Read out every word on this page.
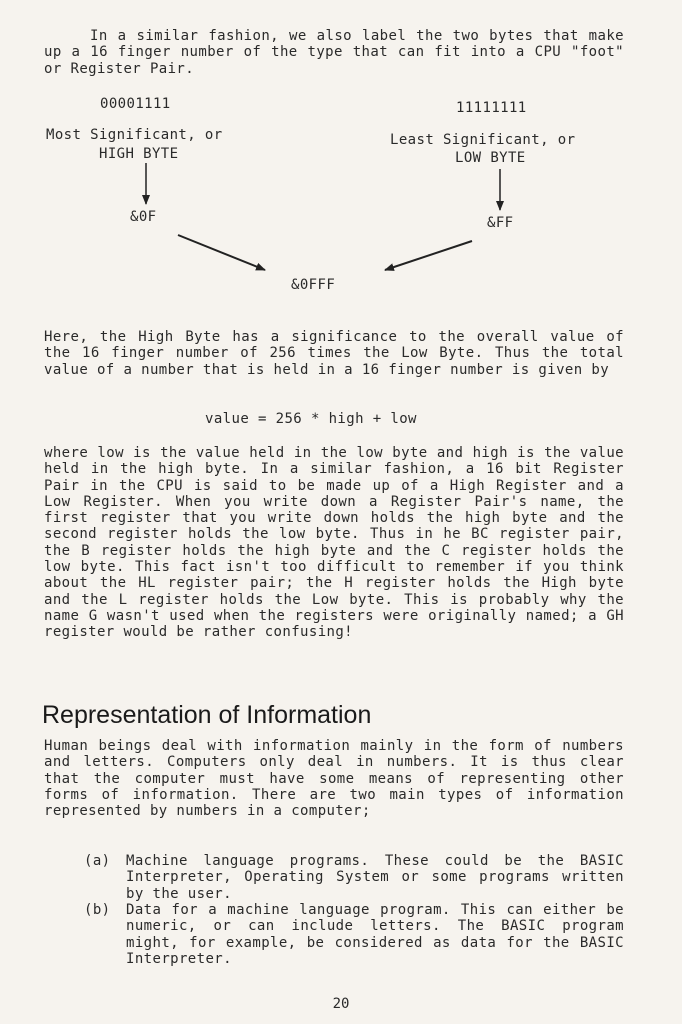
In a similar fashion, we also label the two bytes that make up a 16 finger number of the type that can fit into a CPU "foot" or Register Pair.
00001111	11111111
Most Significant, or
HIGH BYTE
Least Significant, or
LOW BYTE
&0F	&FF
&0FFF
Here, the High Byte has a significance to the overall value of the 16 finger number of 256 times the Low Byte. Thus the total value of a number that is held in a 16 finger number is given by
value = 256 * high + low
where low is the value held in the low byte and high is the value held in the high byte. In a similar fashion, a 16 bit Register Pair in the CPU is said to be made up of a High Register and a Low Register. When you write down a Register Pair's name, the first register that you write down holds the high byte and the second register holds the low byte. Thus in he BC register pair, the B register holds the high byte and the C register holds the low byte. This fact isn't too difficult to remember if you think about the HL register pair; the H register holds the High byte and the L register holds the Low byte. This is probably why the name G wasn't used when the registers were originally named; a GH register would be rather confusing!
Representation of Information
Human beings deal with information mainly in the form of numbers and letters. Computers only deal in numbers. It is thus clear that the computer must have some means of representing other forms of information. There are two main types of information represented by numbers in a computer;
(a) Machine language programs. These could be the BASIC Interpreter, Operating System or some programs written by the user.
(b) Data for a machine language program. This can either be numeric, or can include letters. The BASIC program might, for example, be considered as data for the BASIC Interpreter.
20
